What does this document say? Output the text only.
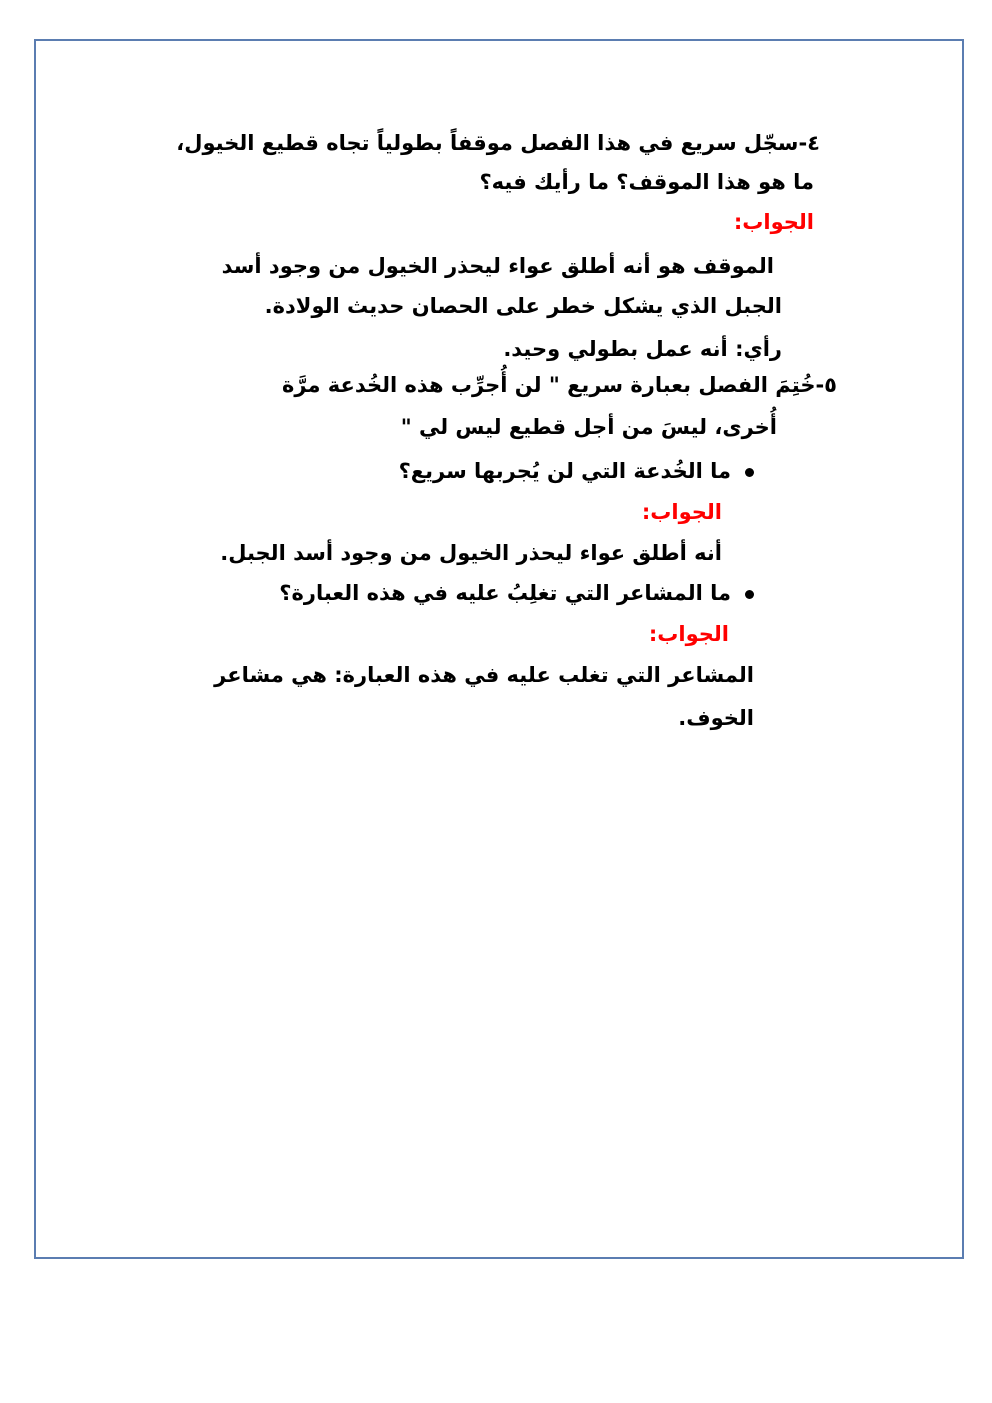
٤-سجّل سريع في هذا الفصل موقفاً بطولياً تجاه قطيع الخيول،
ما هو هذا الموقف؟ ما رأيك فيه؟
الجواب:
الموقف هو أنه أطلق عواء ليحذر الخيول من وجود أسد
الجبل الذي يشكل خطر على الحصان حديث الولادة.
رأي: أنه عمل بطولي وحيد.
٥-خُتِمَ الفصل بعبارة سريع " لن أُجرِّب هذه الخُدعة مرَّة
أُخرى، ليسَ من أجل قطيع ليس لي "
ما الخُدعة التي لن يُجربها سريع؟
الجواب:
أنه أطلق عواء ليحذر الخيول من وجود أسد الجبل.
ما المشاعر التي تغلِبُ عليه في هذه العبارة؟
الجواب:
المشاعر التي تغلب عليه في هذه العبارة: هي مشاعر
الخوف.
